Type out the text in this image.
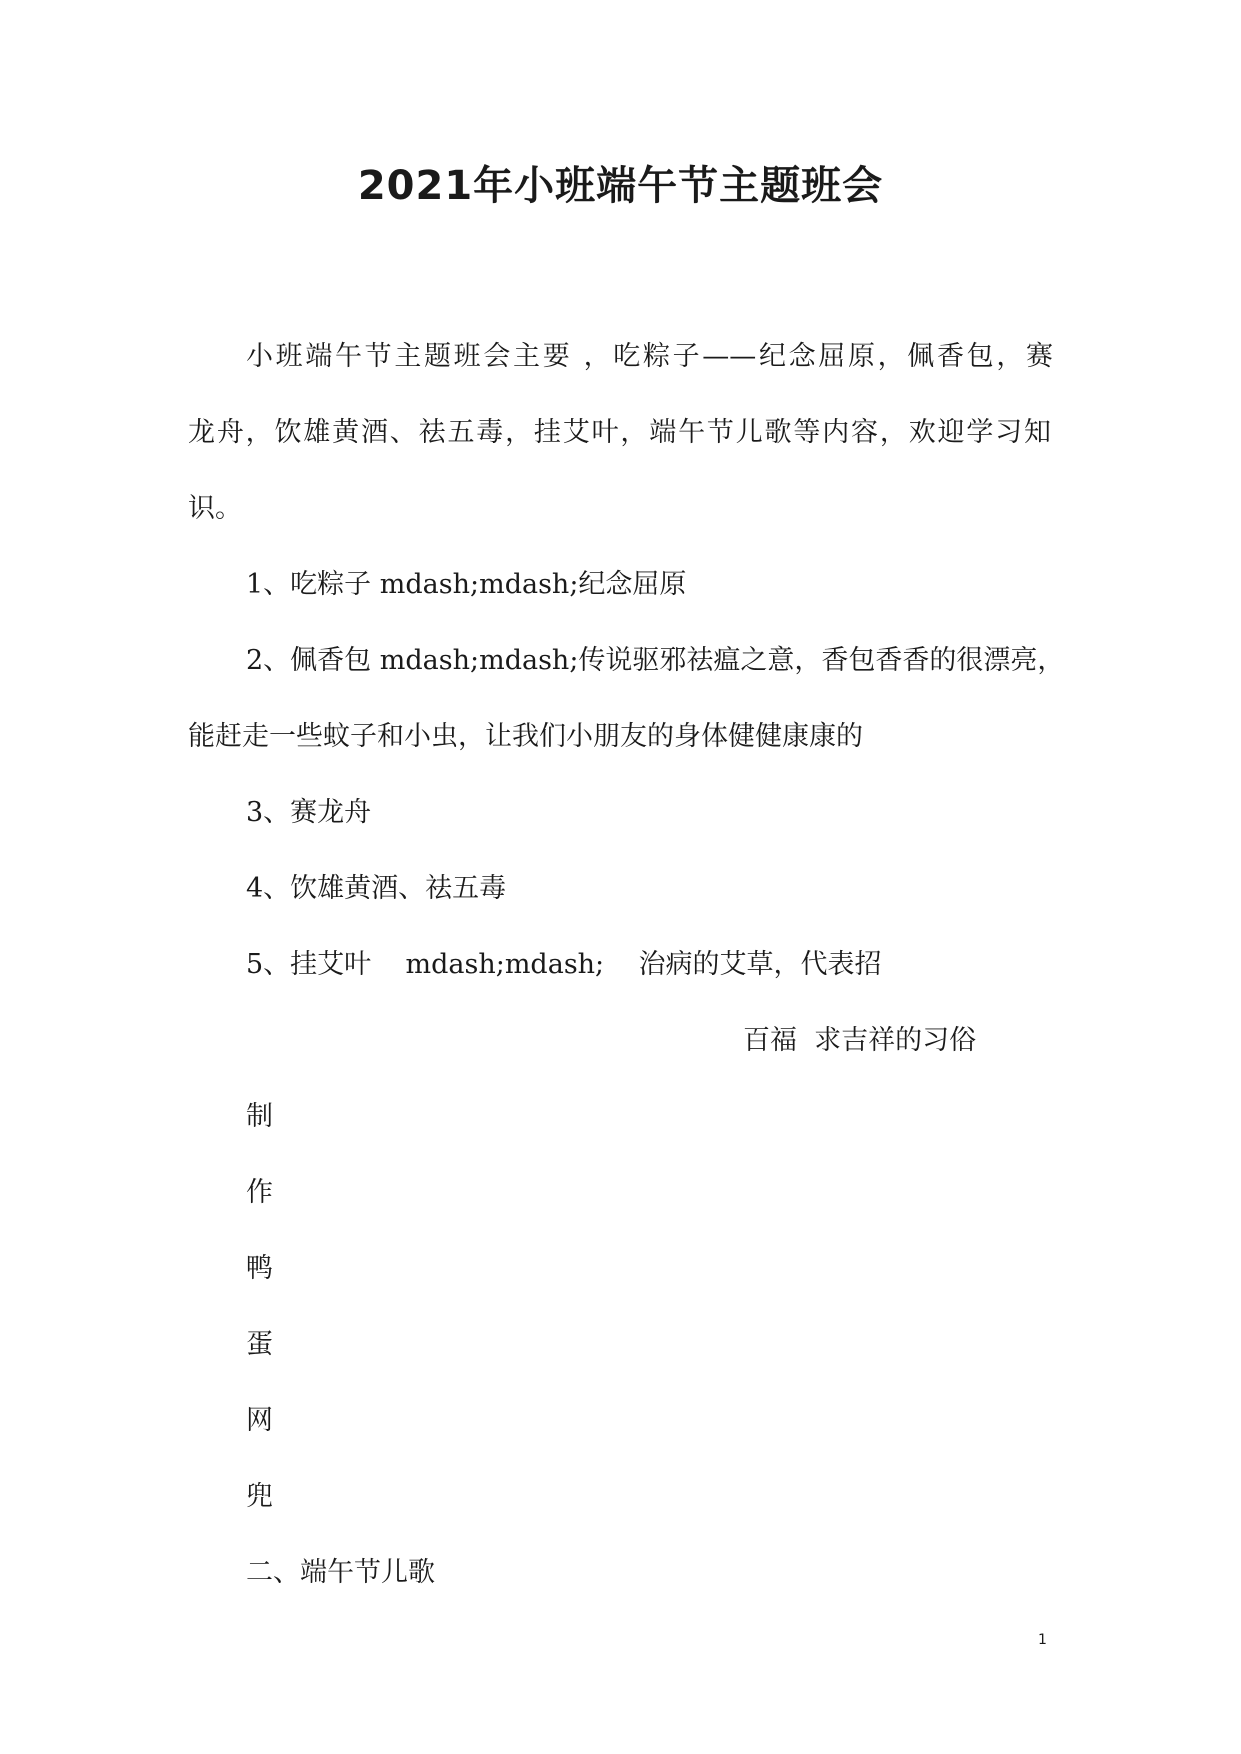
2021年小班端午节主题班会
小班端午节主题班会主要 ，吃粽子——纪念屈原，佩香包，赛
龙舟，饮雄黄酒、祛五毒，挂艾叶，端午节儿歌等内容，欢迎学习知
识。
1、吃粽子 mdash;mdash;纪念屈原
2、佩香包 mdash;mdash;传说驱邪祛瘟之意，香包香香的很漂亮，
能赶走一些蚊子和小虫，让我们小朋友的身体健健康康的
3、赛龙舟
4、饮雄黄酒、祛五毒
5、挂艾叶    mdash;mdash;    治病的艾草，代表招
百福  求吉祥的习俗
制
作
鸭
蛋
网
兜
二、端午节儿歌
1
